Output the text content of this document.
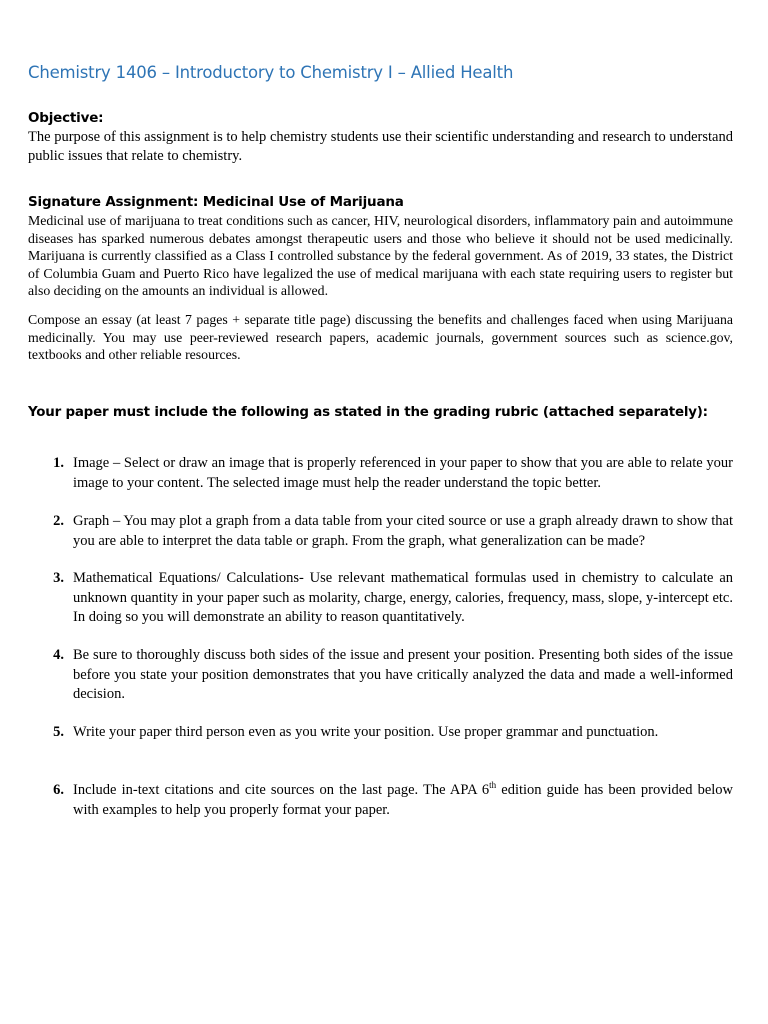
Chemistry 1406 – Introductory to Chemistry I – Allied Health
Objective:

The purpose of this assignment is to help chemistry students use their scientific understanding and research to understand public issues that relate to chemistry.

Signature Assignment: Medicinal Use of Marijuana

Medicinal use of marijuana to treat conditions such as cancer, HIV, neurological disorders, inflammatory pain and autoimmune diseases has sparked numerous debates amongst therapeutic users and those who believe it should not be used medicinally. Marijuana is currently classified as a Class I controlled substance by the federal government. As of 2019, 33 states, the District of Columbia Guam and Puerto Rico have legalized the use of medical marijuana with each state requiring users to register but also deciding on the amounts an individual is allowed.

Compose an essay (at least 7 pages + separate title page) discussing the benefits and challenges faced when using Marijuana medicinally. You may use peer-reviewed research papers, academic journals, government sources such as science.gov, textbooks and other reliable resources.

Your paper must include the following as stated in the grading rubric (attached separately):
1. Image – Select or draw an image that is properly referenced in your paper to show that you are able to relate your image to your content. The selected image must help the reader understand the topic better.
2. Graph – You may plot a graph from a data table from your cited source or use a graph already drawn to show that you are able to interpret the data table or graph. From the graph, what generalization can be made?
3. Mathematical Equations/ Calculations- Use relevant mathematical formulas used in chemistry to calculate an unknown quantity in your paper such as molarity, charge, energy, calories, frequency, mass, slope, y-intercept etc. In doing so you will demonstrate an ability to reason quantitatively.
4. Be sure to thoroughly discuss both sides of the issue and present your position. Presenting both sides of the issue before you state your position demonstrates that you have critically analyzed the data and made a well-informed decision.
5. Write your paper third person even as you write your position. Use proper grammar and punctuation.
6. Include in-text citations and cite sources on the last page. The APA 6th edition guide has been provided below with examples to help you properly format your paper.
